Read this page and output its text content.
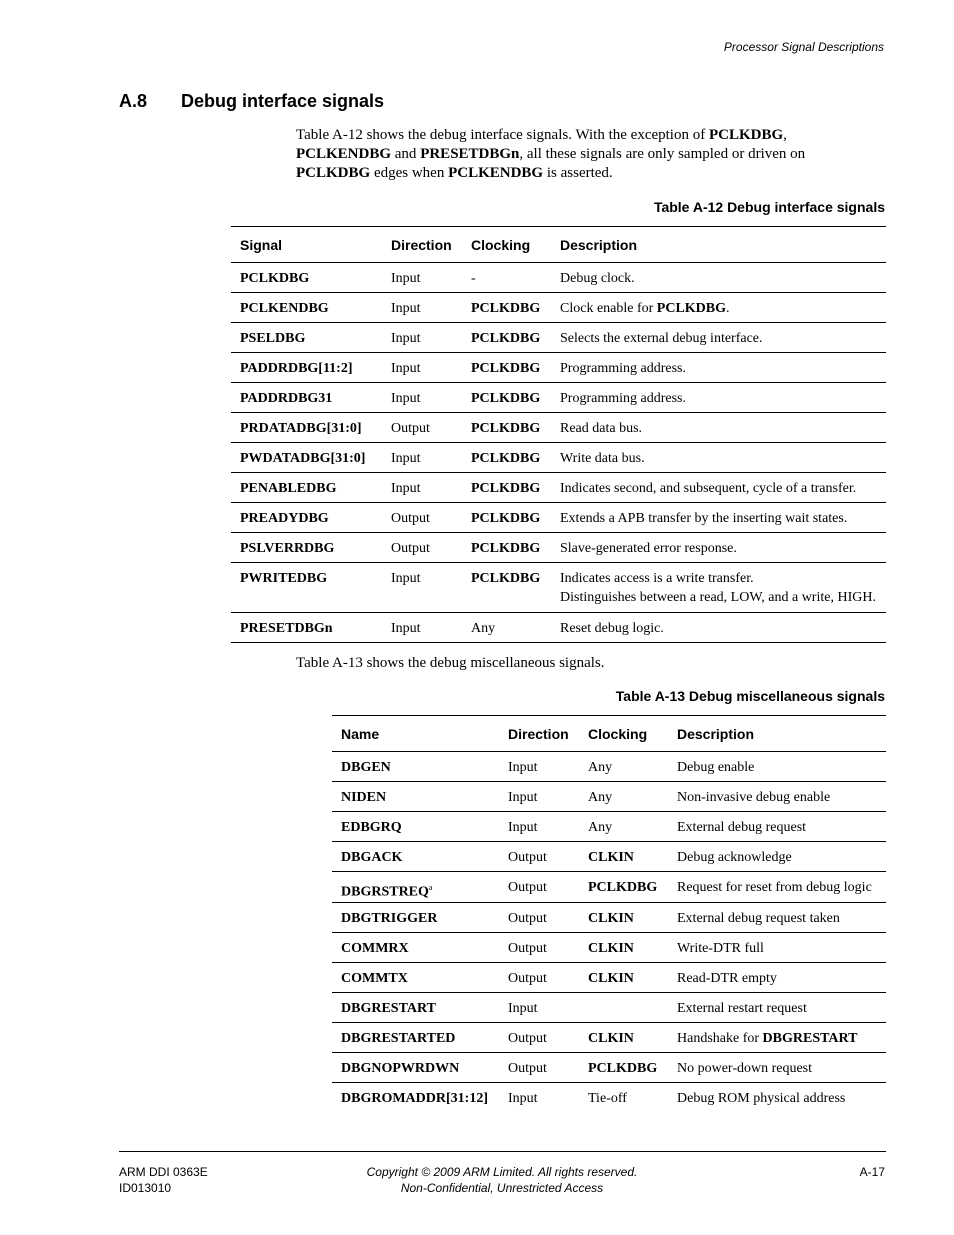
Processor Signal Descriptions
A.8 Debug interface signals
Table A-12 shows the debug interface signals. With the exception of PCLKDBG,
PCLKENDBG and PRESETDBGn, all these signals are only sampled or driven on
PCLKDBG edges when PCLKENDBG is asserted.
Table A-12 Debug interface signals
Signal	Direction	Clocking	Description
PCLKDBG	Input	-	Debug clock.
PCLKENDBG	Input	PCLKDBG	Clock enable for PCLKDBG.
PSELDBG	Input	PCLKDBG	Selects the external debug interface.
PADDRDBG[11:2]	Input	PCLKDBG	Programming address.
PADDRDBG31	Input	PCLKDBG	Programming address.
PRDATADBG[31:0]	Output	PCLKDBG	Read data bus.
PWDATADBG[31:0]	Input	PCLKDBG	Write data bus.
PENABLEDBG	Input	PCLKDBG	Indicates second, and subsequent, cycle of a transfer.
PREADYDBG	Output	PCLKDBG	Extends a APB transfer by the inserting wait states.
PSLVERRDBG	Output	PCLKDBG	Slave-generated error response.
PWRITEDBG	Input	PCLKDBG	Indicates access is a write transfer.
Distinguishes between a read, LOW, and a write, HIGH.

PRESETDBGn	Input	Any	Reset debug logic.
Table A-13 shows the debug miscellaneous signals.
Table A-13 Debug miscellaneous signals
Name	Direction	Clocking	Description
DBGEN	Input	Any	Debug enable
NIDEN	Input	Any	Non-invasive debug enable
EDBGRQ	Input	Any	External debug request
DBGACK	Output	CLKIN	Debug acknowledge
DBGRSTREQ$^a$	Output	PCLKDBG	Request for reset from debug logic
DBGTRIGGER	Output	CLKIN	External debug request taken
COMMRX	Output	CLKIN	Write-DTR full
COMMTX	Output	CLKIN	Read-DTR empty
DBGRESTART	Input		External restart request
DBGRESTARTED	Output	CLKIN	Handshake for DBGRESTART
DBGNOPWRDWN	Output	PCLKDBG	No power-down request
DBGROMADDR[31:12]	Input	Tie-off	Debug ROM physical address
ARM DDI 0363E
ID013010
Copyright © 2009 ARM Limited. All rights reserved.
Non-Confidential, Unrestricted Access
A-17
